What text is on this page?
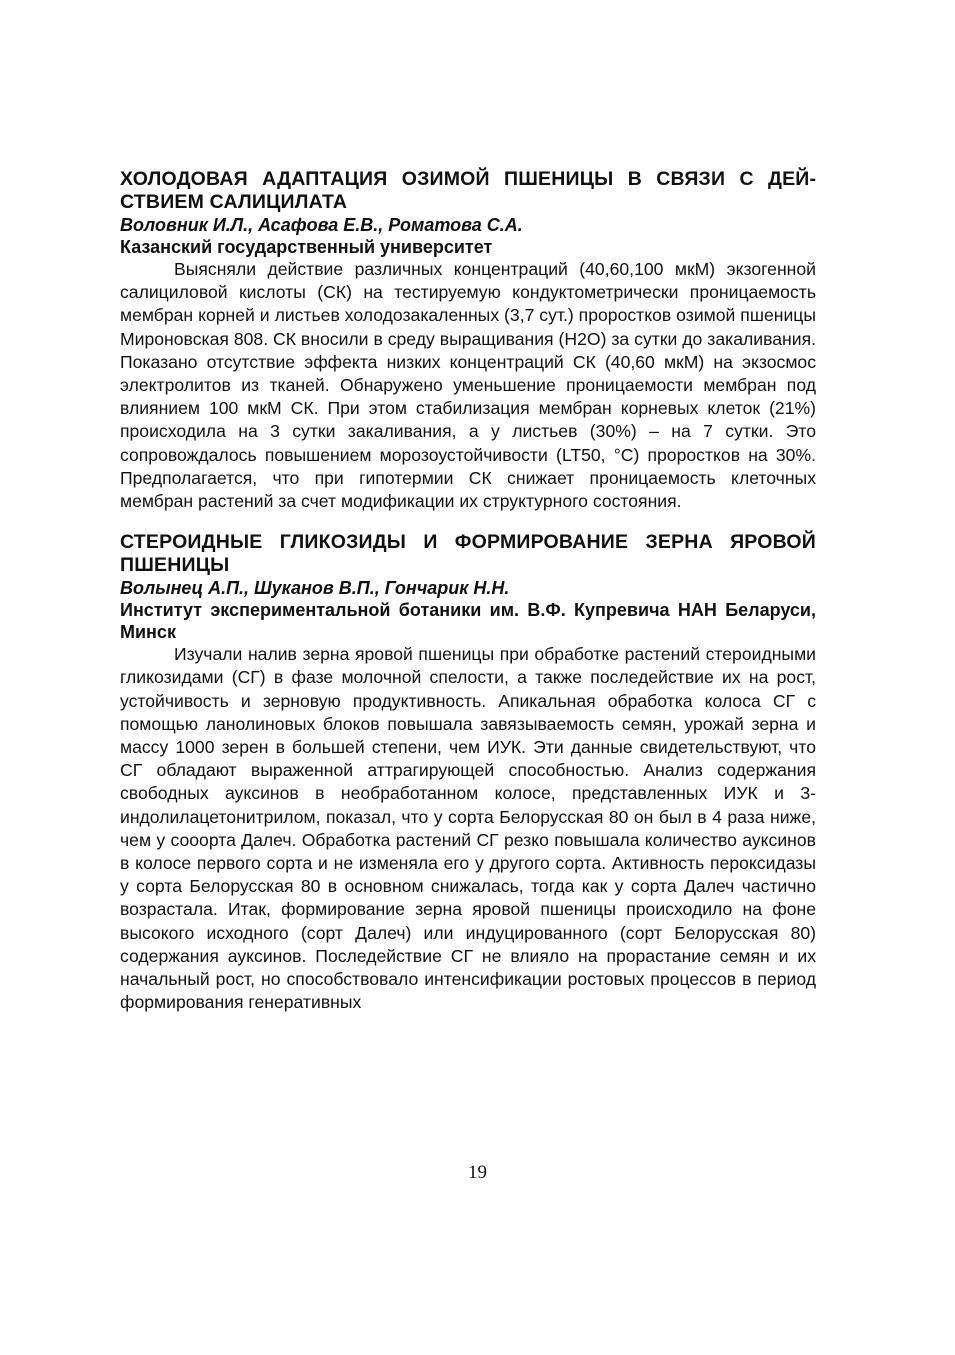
ХОЛОДОВАЯ АДАПТАЦИЯ ОЗИМОЙ ПШЕНИЦЫ В СВЯЗИ С ДЕЙСТВИЕМ САЛИЦИЛАТА

Воловник И.Л., Асафова Е.В., Роматова С.А.

Казанский государственный университет

Выясняли действие различных концентраций (40,60,100 мкМ) экзогенной салициловой кислоты (СК) на тестируемую кондуктометрически проницаемость мембран корней и листьев холодозакаленных (3,7 сут.) проростков озимой пшеницы Мироновская 808. СК вносили в среду выращивания (Н2О) за сутки до закаливания. Показано отсутствие эффекта низких концентраций СК (40,60 мкМ) на экзосмос электролитов из тканей. Обнаружено уменьшение проницаемости мембран под влиянием 100 мкМ СК. При этом стабилизация мембран корневых клеток (21%) происходила на 3 сутки закаливания, а у листьев (30%) – на 7 сутки. Это сопровождалось повышением морозоустойчивости (LT50, °С) проростков на 30%. Предполагается, что при гипотермии СК снижает проницаемость клеточных мембран растений за счет модификации их структурного состояния.

СТЕРОИДНЫЕ ГЛИКОЗИДЫ И ФОРМИРОВАНИЕ ЗЕРНА ЯРОВОЙ ПШЕНИЦЫ

Волынец А.П., Шуканов В.П., Гончарик Н.Н.

Институт экспериментальной ботаники им. В.Ф. Купревича НАН Беларуси, Минск

Изучали налив зерна яровой пшеницы при обработке растений стероидными гликозидами (СГ) в фазе молочной спелости, а также последействие их на рост, устойчивость и зерновую продуктивность. Апикальная обработка колоса СГ с помощью ланолиновых блоков повышала завязываемость семян, урожай зерна и массу 1000 зерен в большей степени, чем ИУК. Эти данные свидетельствуют, что СГ обладают выраженной аттрагирующей способностью. Анализ содержания свободных ауксинов в необработанном колосе, представленных ИУК и 3-индолилацетонитрилом, показал, что у сорта Белорусская 80 он был в 4 раза ниже, чем у сооорта Далеч. Обработка растений СГ резко повышала количество ауксинов в колосе первого сорта и не изменяла его у другого сорта. Активность пероксидазы у сорта Белорусская 80 в основном снижалась, тогда как у сорта Далеч частично возрастала. Итак, формирование зерна яровой пшеницы происходило на фоне высокого исходного (сорт Далеч) или индуцированного (сорт Белорусская 80) содержания ауксинов. Последействие СГ не влияло на прорастание семян и их начальный рост, но способствовало интенсификации ростовых процессов в период формирования генеративных

19
